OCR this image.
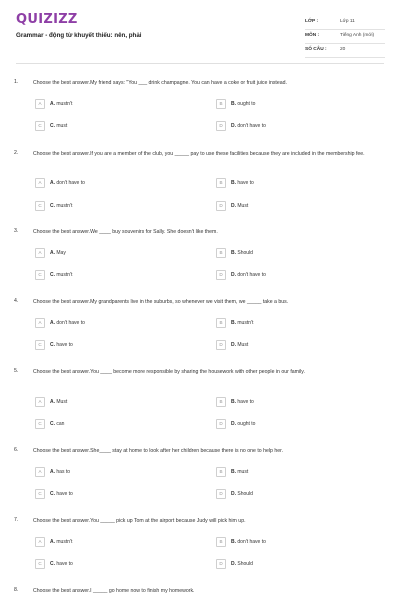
QUIZIZZ
Grammar - động từ khuyết thiếu: nên, phải
LỚP :	Lớp 11
MÔN :	Tiếng Anh (mới)
SỐ CÂU :	20
1.	Choose the best answer.My friend says: "You ___ drink champagne. You can have a coke or fruit juice instead.
A	A. mustn't	B	B. ought to
C	C. must	D	D. don't have to
2.	Choose the best answer.If you are a member of the club, you _____ pay to use these facilities because they are included in the membership fee.
A	A. don't have to	B	B. have to
C	C. mustn't	D	D. Must
3.	Choose the best answer.We ____ buy souvenirs for Sally. She doesn't like them.
A	A. May	B	B. Should
C	C. mustn't	D	D. don't have to
4.	Choose the best answer.My grandparents live in the suburbs, so whenever we visit them, we _____ take a bus.
A	A. don't have to	B	B. mustn't
C	C. have to	D	D. Must
5.	Choose the best answer.You ____ become more responsible by sharing the housework with other people in our family.
A	A. Must	B	B. have to
C	C. can	D	D. ought to
6.	Choose the best answer.She____ stay at home to look after her children because there is no one to help her.
A	A. has to	B	B. must
C	C. have to	D	D. Should
7.	Choose the best answer.You _____ pick up Tom at the airport because Judy will pick him up.
A	A. mustn't	B	B. don't have to
C	C. have to	D	D. Should
8.	Choose the best answer.I _____ go home now to finish my homework.
